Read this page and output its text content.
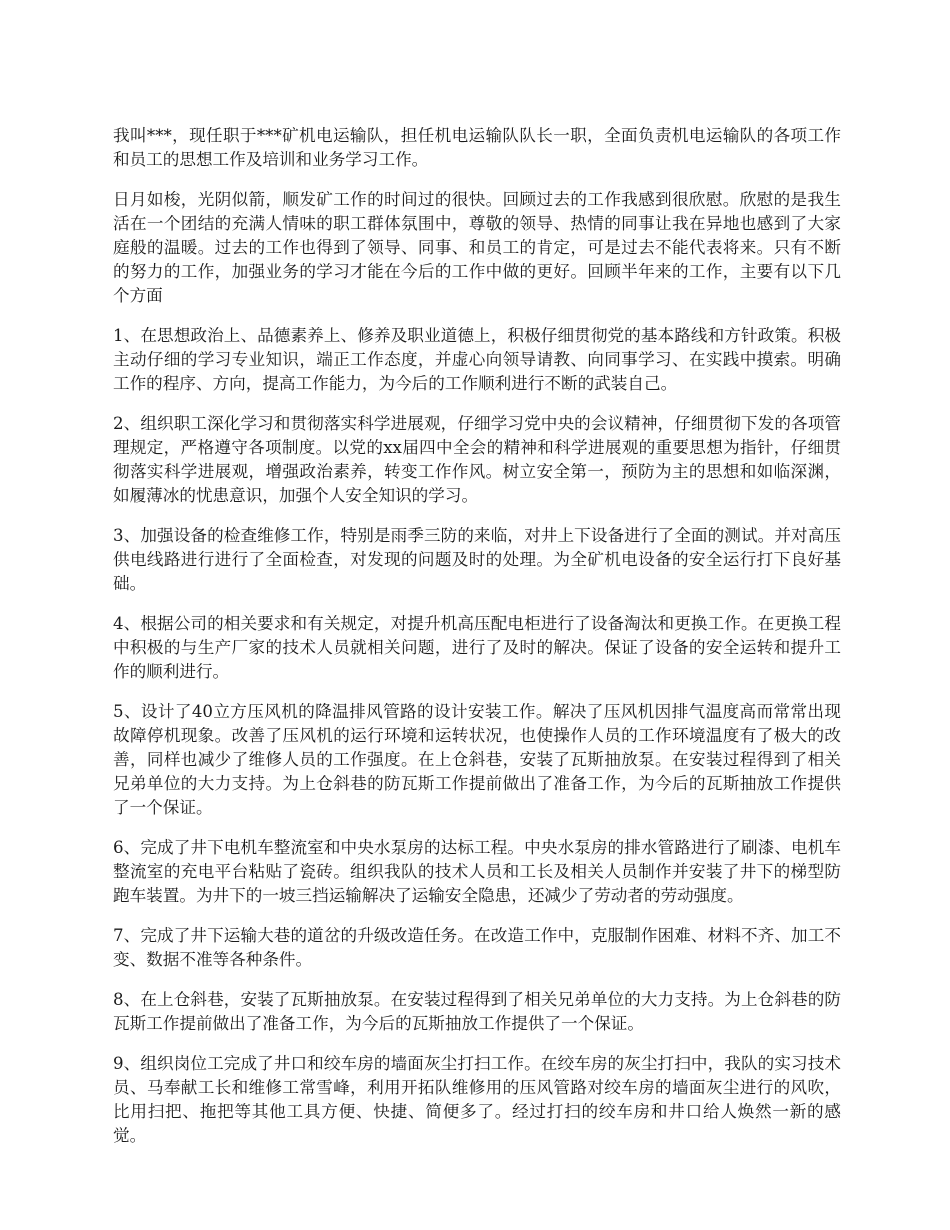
我叫***，现任职于***矿机电运输队，担任机电运输队队长一职，全面负责机电运输队的各项工作和员工的思想工作及培训和业务学习工作。

日月如梭，光阴似箭，顺发矿工作的时间过的很快。回顾过去的工作我感到很欣慰。欣慰的是我生活在一个团结的充满人情味的职工群体氛围中，尊敬的领导、热情的同事让我在异地也感到了大家庭般的温暖。过去的工作也得到了领导、同事、和员工的肯定，可是过去不能代表将来。只有不断的努力的工作，加强业务的学习才能在今后的工作中做的更好。回顾半年来的工作，主要有以下几个方面

1、在思想政治上、品德素养上、修养及职业道德上，积极仔细贯彻党的基本路线和方针政策。积极主动仔细的学习专业知识，端正工作态度，并虚心向领导请教、向同事学习、在实践中摸索。明确工作的程序、方向，提高工作能力，为今后的工作顺利进行不断的武装自己。

2、组织职工深化学习和贯彻落实科学进展观，仔细学习党中央的会议精神，仔细贯彻下发的各项管理规定，严格遵守各项制度。以党的xx届四中全会的精神和科学进展观的重要思想为指针，仔细贯彻落实科学进展观，增强政治素养，转变工作作风。树立安全第一，预防为主的思想和如临深渊，如履薄冰的忧患意识，加强个人安全知识的学习。

3、加强设备的检查维修工作，特别是雨季三防的来临，对井上下设备进行了全面的测试。并对高压供电线路进行进行了全面检查，对发现的问题及时的处理。为全矿机电设备的安全运行打下良好基础。

4、根据公司的相关要求和有关规定，对提升机高压配电柜进行了设备淘汰和更换工作。在更换工程中积极的与生产厂家的技术人员就相关问题，进行了及时的解决。保证了设备的安全运转和提升工作的顺利进行。

5、设计了40立方压风机的降温排风管路的设计安装工作。解决了压风机因排气温度高而常常出现故障停机现象。改善了压风机的运行环境和运转状况，也使操作人员的工作环境温度有了极大的改善，同样也减少了维修人员的工作强度。在上仓斜巷，安装了瓦斯抽放泵。在安装过程得到了相关兄弟单位的大力支持。为上仓斜巷的防瓦斯工作提前做出了准备工作，为今后的瓦斯抽放工作提供了一个保证。

6、完成了井下电机车整流室和中央水泵房的达标工程。中央水泵房的排水管路进行了刷漆、电机车整流室的充电平台粘贴了瓷砖。组织我队的技术人员和工长及相关人员制作并安装了井下的梯型防跑车装置。为井下的一坡三挡运输解决了运输安全隐患，还减少了劳动者的劳动强度。

7、完成了井下运输大巷的道岔的升级改造任务。在改造工作中，克服制作困难、材料不齐、加工不变、数据不准等各种条件。

8、在上仓斜巷，安装了瓦斯抽放泵。在安装过程得到了相关兄弟单位的大力支持。为上仓斜巷的防瓦斯工作提前做出了准备工作，为今后的瓦斯抽放工作提供了一个保证。

9、组织岗位工完成了井口和绞车房的墙面灰尘打扫工作。在绞车房的灰尘打扫中，我队的实习技术员、马奉献工长和维修工常雪峰，利用开拓队维修用的压风管路对绞车房的墙面灰尘进行的风吹，比用扫把、拖把等其他工具方便、快捷、简便多了。经过打扫的绞车房和井口给人焕然一新的感觉。
